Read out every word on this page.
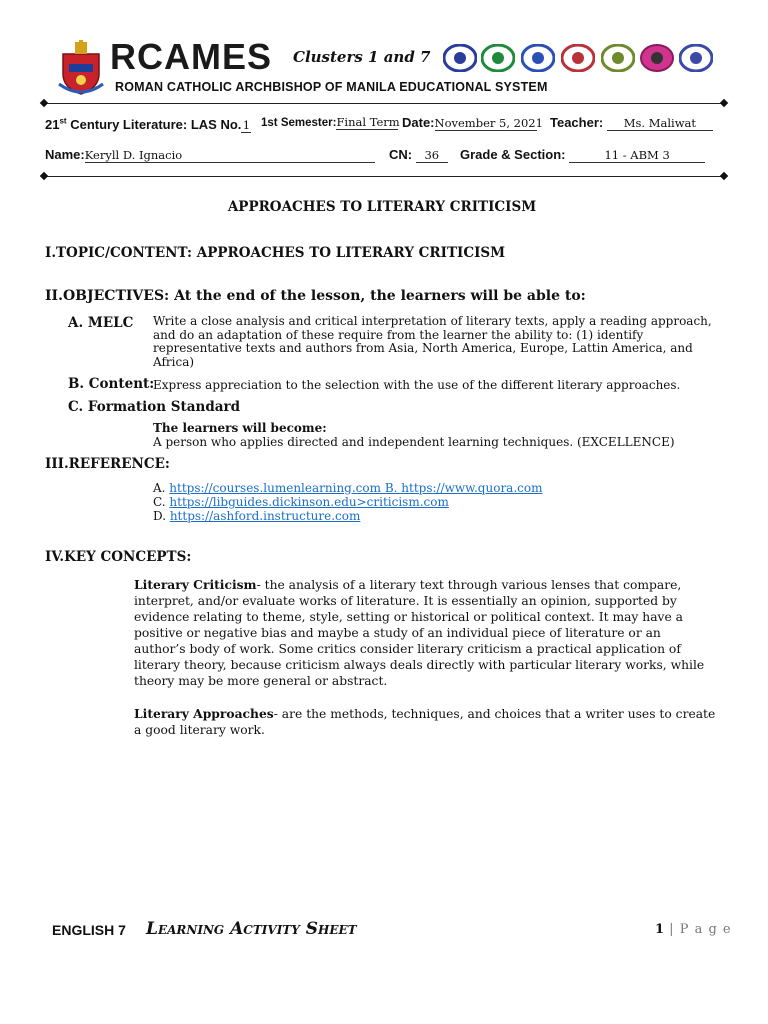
RCAMES Clusters 1 and 7
ROMAN CATHOLIC ARCHBISHOP OF MANILA EDUCATIONAL SYSTEM
21st Century Literature: LAS No.1 1st Semester:Final Term Date:November 5, 2021 Teacher: Ms. Maliwat
Name:Keryll D. Ignacio	CN: 36	Grade & Section:	11 - ABM 3
APPROACHES TO LITERARY CRITICISM
I.TOPIC/CONTENT: APPROACHES TO LITERARY CRITICISM
II.OBJECTIVES: At the end of the lesson, the learners will be able to:
A. MELC Write a close analysis and critical interpretation of literary texts, apply a reading approach, and do an adaptation of these require from the learner the ability to: (1) identify representative texts and authors from Asia, North America, Europe, Lattin America, and Africa)
B. Content:
Express appreciation to the selection with the use of the different literary approaches.
C. Formation Standard
The learners will become:
A person who applies directed and independent learning techniques. (EXCELLENCE)
III.REFERENCE:
A. https://courses.lumenlearning.com B. https://www.quora.com
C. https://libguides.dickinson.edu>criticism.com
D. https://ashford.instructure.com
IV.KEY CONCEPTS:
Literary Criticism- the analysis of a literary text through various lenses that compare, interpret, and/or evaluate works of literature. It is essentially an opinion, supported by evidence relating to theme, style, setting or historical or political context. It may have a positive or negative bias and maybe a study of an individual piece of literature or an author’s body of work. Some critics consider literary criticism a practical application of literary theory, because criticism always deals directly with particular literary works, while theory may be more general or abstract.
Literary Approaches- are the methods, techniques, and choices that a writer uses to create a good literary work.
ENGLISH 7 Learning Activity Sheet	1 | P a g e
